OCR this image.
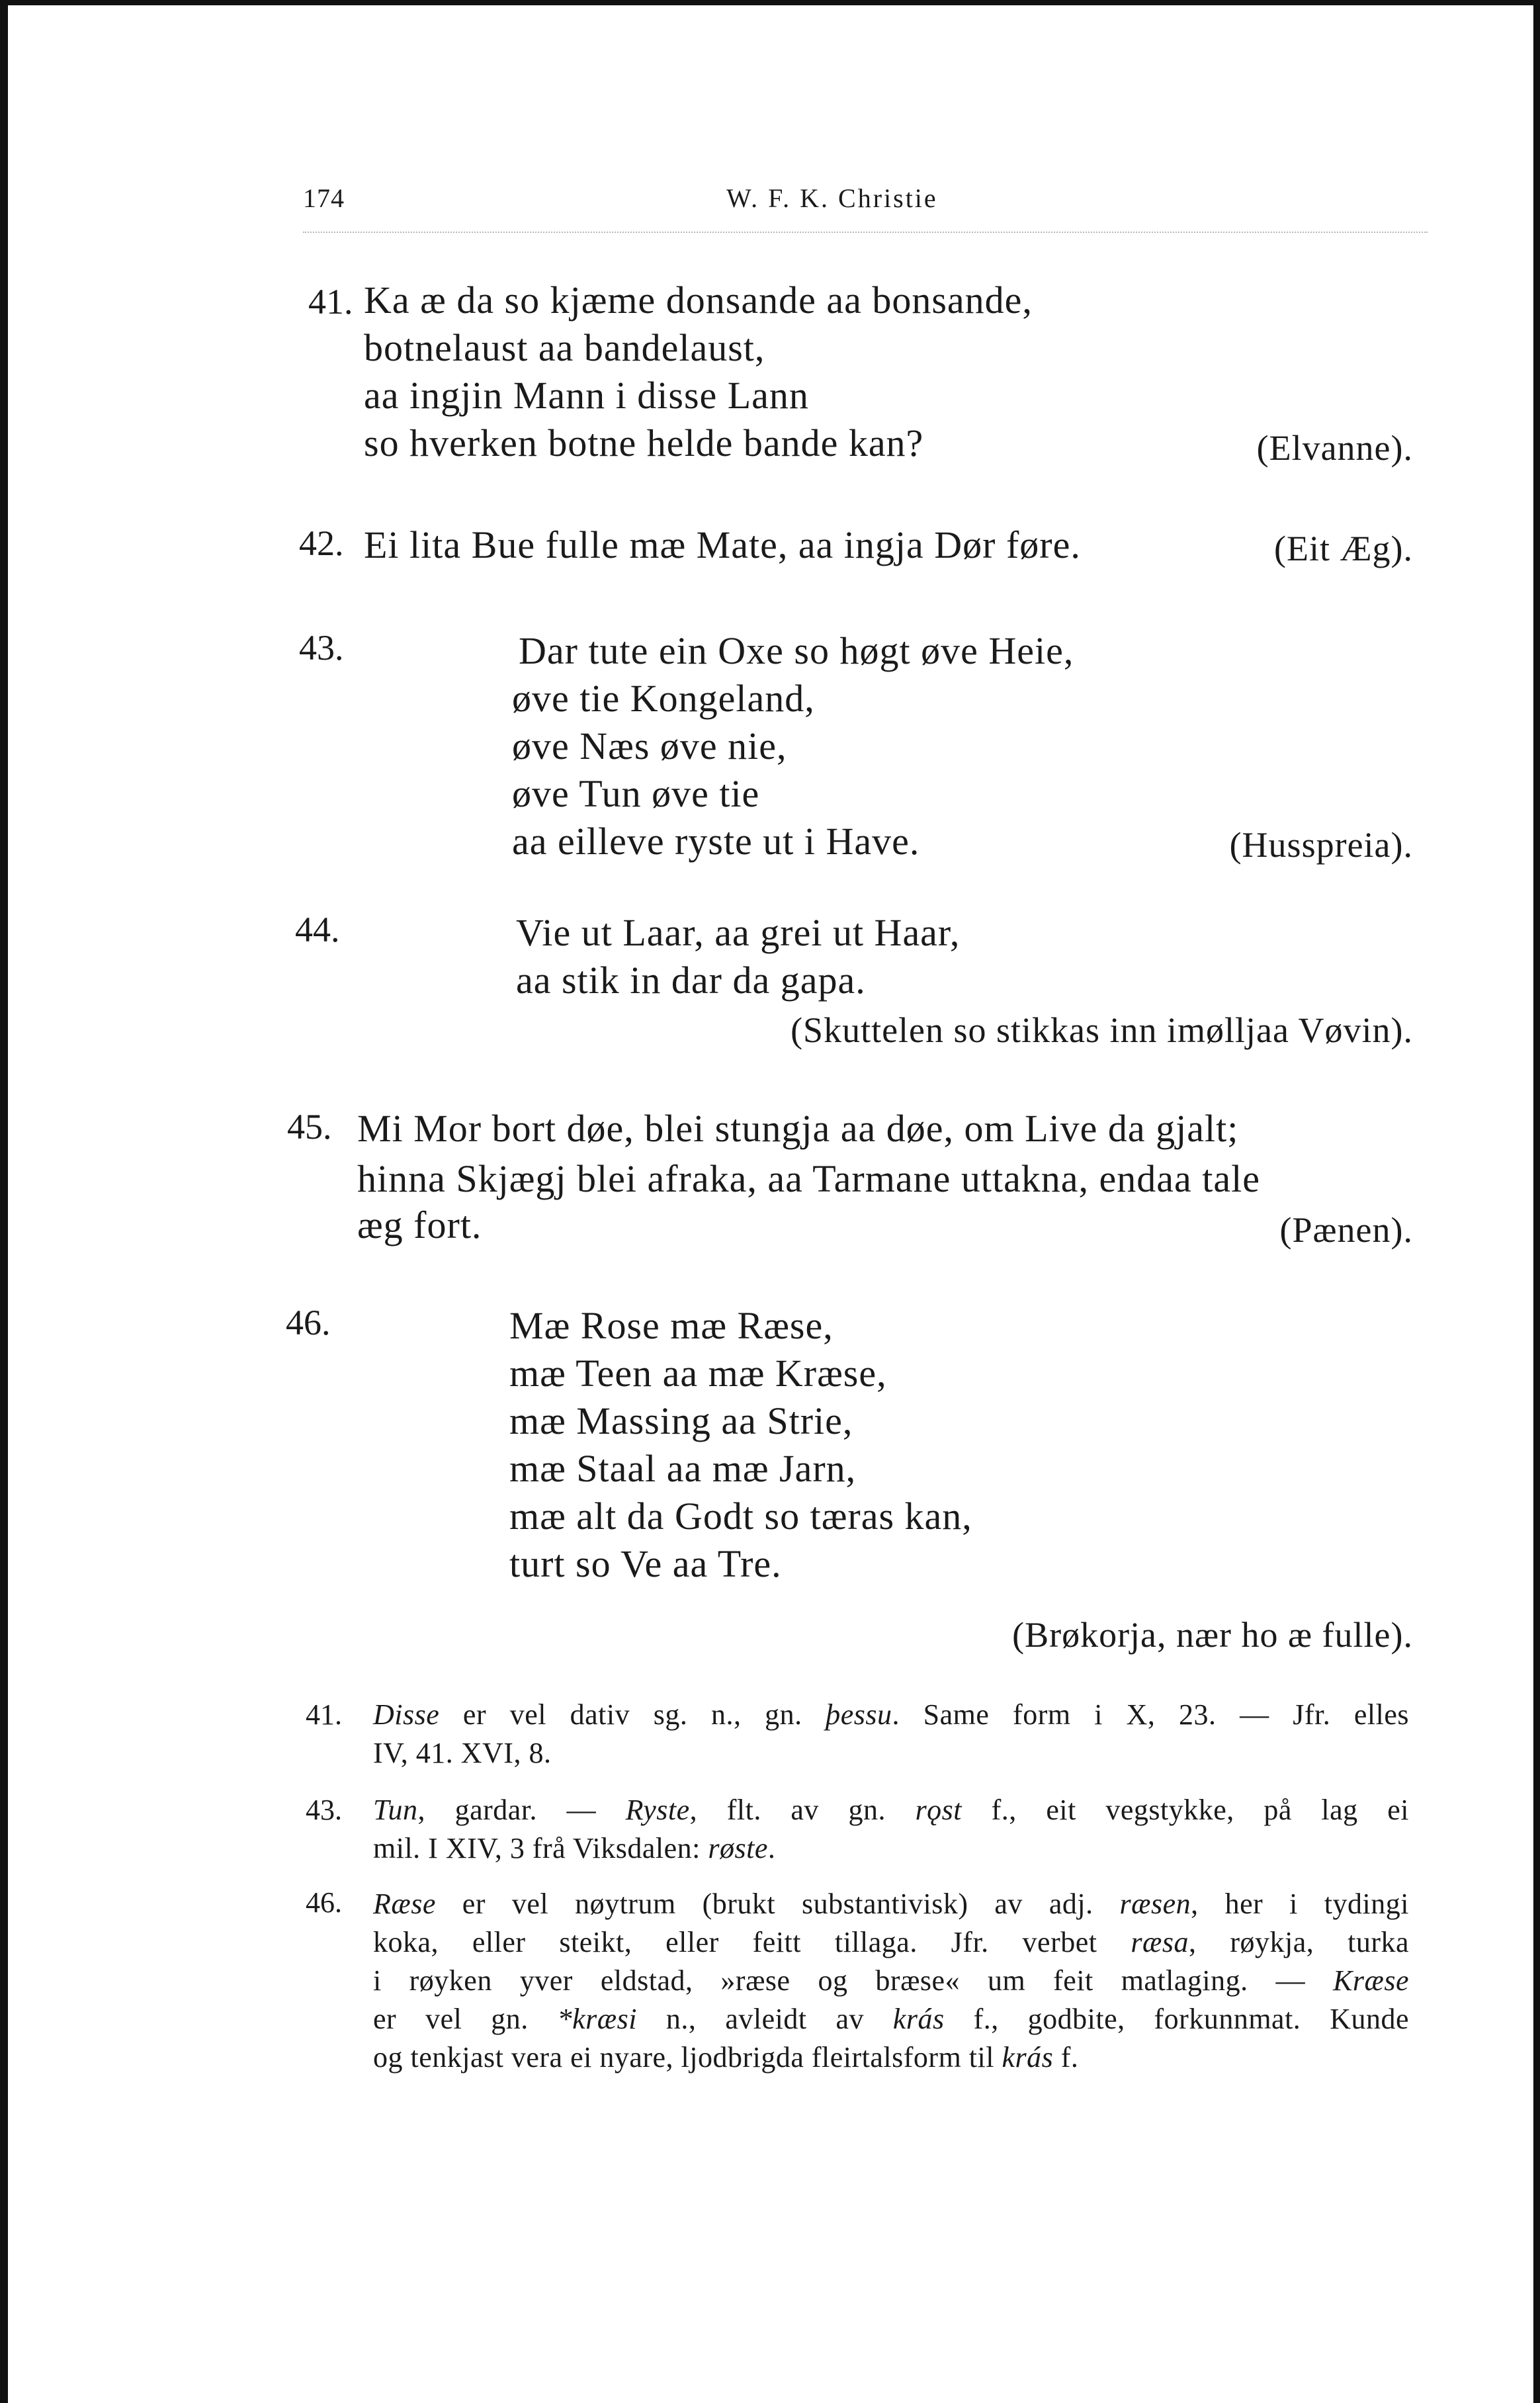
174	W. F. K. Christie
41. Ka æ da so kjæme donsande aa bonsande,
botnelaust aa bandelaust,
aa ingjin Mann i disse Lann
so hverken botne helde bande kan?	(Elvanne).
42. Ei lita Bue fulle mæ Mate, aa ingja Dør føre.	(Eit Æg).
43.	Dar tute ein Oxe so høgt øve Heie,
øve tie Kongeland,
øve Næs øve nie,
øve Tun øve tie
aa eilleve ryste ut i Have.	(Husspreia).
44.	Vie ut Laar, aa grei ut Haar,
aa stik in dar da gapa.
(Skuttelen so stikkas inn imølljaa Vøvin).
45. Mi Mor bort døe, blei stungja aa døe, om Live da gjalt;
hinna Skjægj blei afraka, aa Tarmane uttakna, endaa tale
æg fort.	(Pænen).
46.	Mæ Rose mæ Ræse,
mæ Teen aa mæ Kræse,
mæ Massing aa Strie,
mæ Staal aa mæ Jarn,
mæ alt da Godt so tæras kan,
turt so Ve aa Tre.
(Brøkorja, nær ho æ fulle).
41. Disse er vel dativ sg. n., gn. þessu. Same form i X, 23. — Jfr. elles
IV, 41. XVI, 8.
43. Tun, gardar. — Ryste, flt. av gn. rǫst f., eit vegstykke, på lag ei
mil. I XIV, 3 frå Viksdalen: røste.
46. Ræse er vel nøytrum (brukt substantivisk) av adj. ræsen, her i tydingi
koka, eller steikt, eller feitt tillaga. Jfr. verbet ræsa, røykja, turka
i røyken yver eldstad, »ræse og bræse« um feit matlaging. — Kræse
er vel gn. *kræsi n., avleidt av krás f., godbite, forkunnmat. Kunde
og tenkjast vera ei nyare, ljodbrigda fleirtalsform til krás f.
